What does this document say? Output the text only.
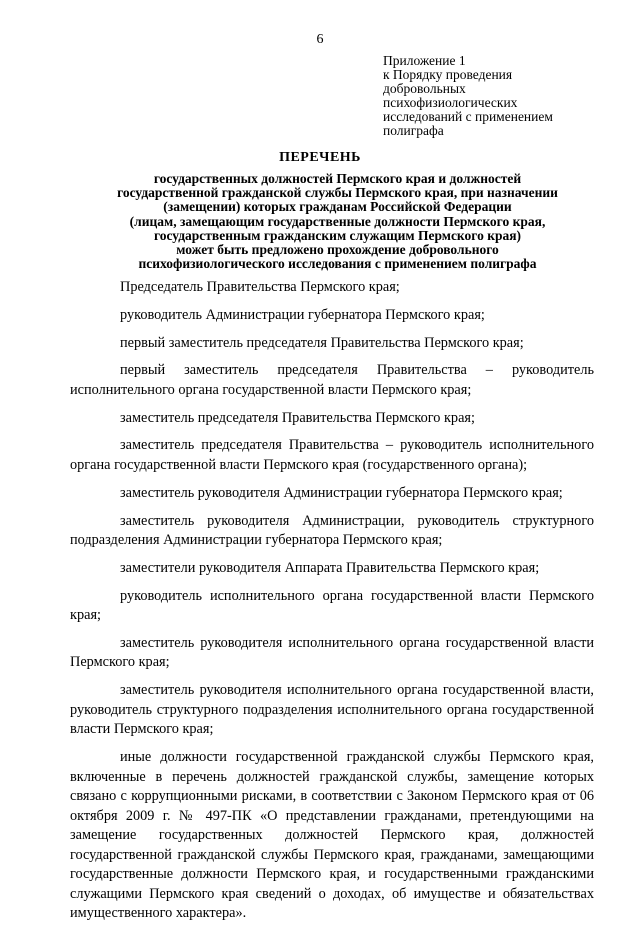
6
Приложение 1
к Порядку проведения
добровольных
психофизиологических
исследований с применением
полиграфа
ПЕРЕЧЕНЬ
государственных должностей Пермского края и должностей
государственной гражданской службы Пермского края, при назначении
(замещении) которых гражданам Российской Федерации
(лицам, замещающим государственные должности Пермского края,
государственным гражданским служащим Пермского края)
может быть предложено прохождение добровольного
психофизиологического исследования с применением полиграфа

Председатель Правительства Пермского края;

руководитель Администрации губернатора Пермского края;

первый заместитель председателя Правительства Пермского края;

первый заместитель председателя Правительства – руководитель исполнительного органа государственной власти Пермского края;

заместитель председателя Правительства Пермского края;

заместитель председателя Правительства – руководитель исполнительного органа государственной власти Пермского края (государственного органа);

заместитель руководителя Администрации губернатора Пермского края;

заместитель руководителя Администрации, руководитель структурного подразделения Администрации губернатора Пермского края;

заместители руководителя Аппарата Правительства Пермского края;

руководитель исполнительного органа государственной власти Пермского края;

заместитель руководителя исполнительного органа государственной власти Пермского края;

заместитель руководителя исполнительного органа государственной власти, руководитель структурного подразделения исполнительного органа государственной власти Пермского края;

иные должности государственной гражданской службы Пермского края, включенные в перечень должностей гражданской службы, замещение которых связано с коррупционными рисками, в соответствии с Законом Пермского края от 06 октября 2009 г. № 497-ПК «О представлении гражданами, претендующими на замещение государственных должностей Пермского края, должностей государственной гражданской службы Пермского края, гражданами, замещающими государственные должности Пермского края, и государственными гражданскими служащими Пермского края сведений о доходах, об имуществе и обязательствах имущественного характера».
